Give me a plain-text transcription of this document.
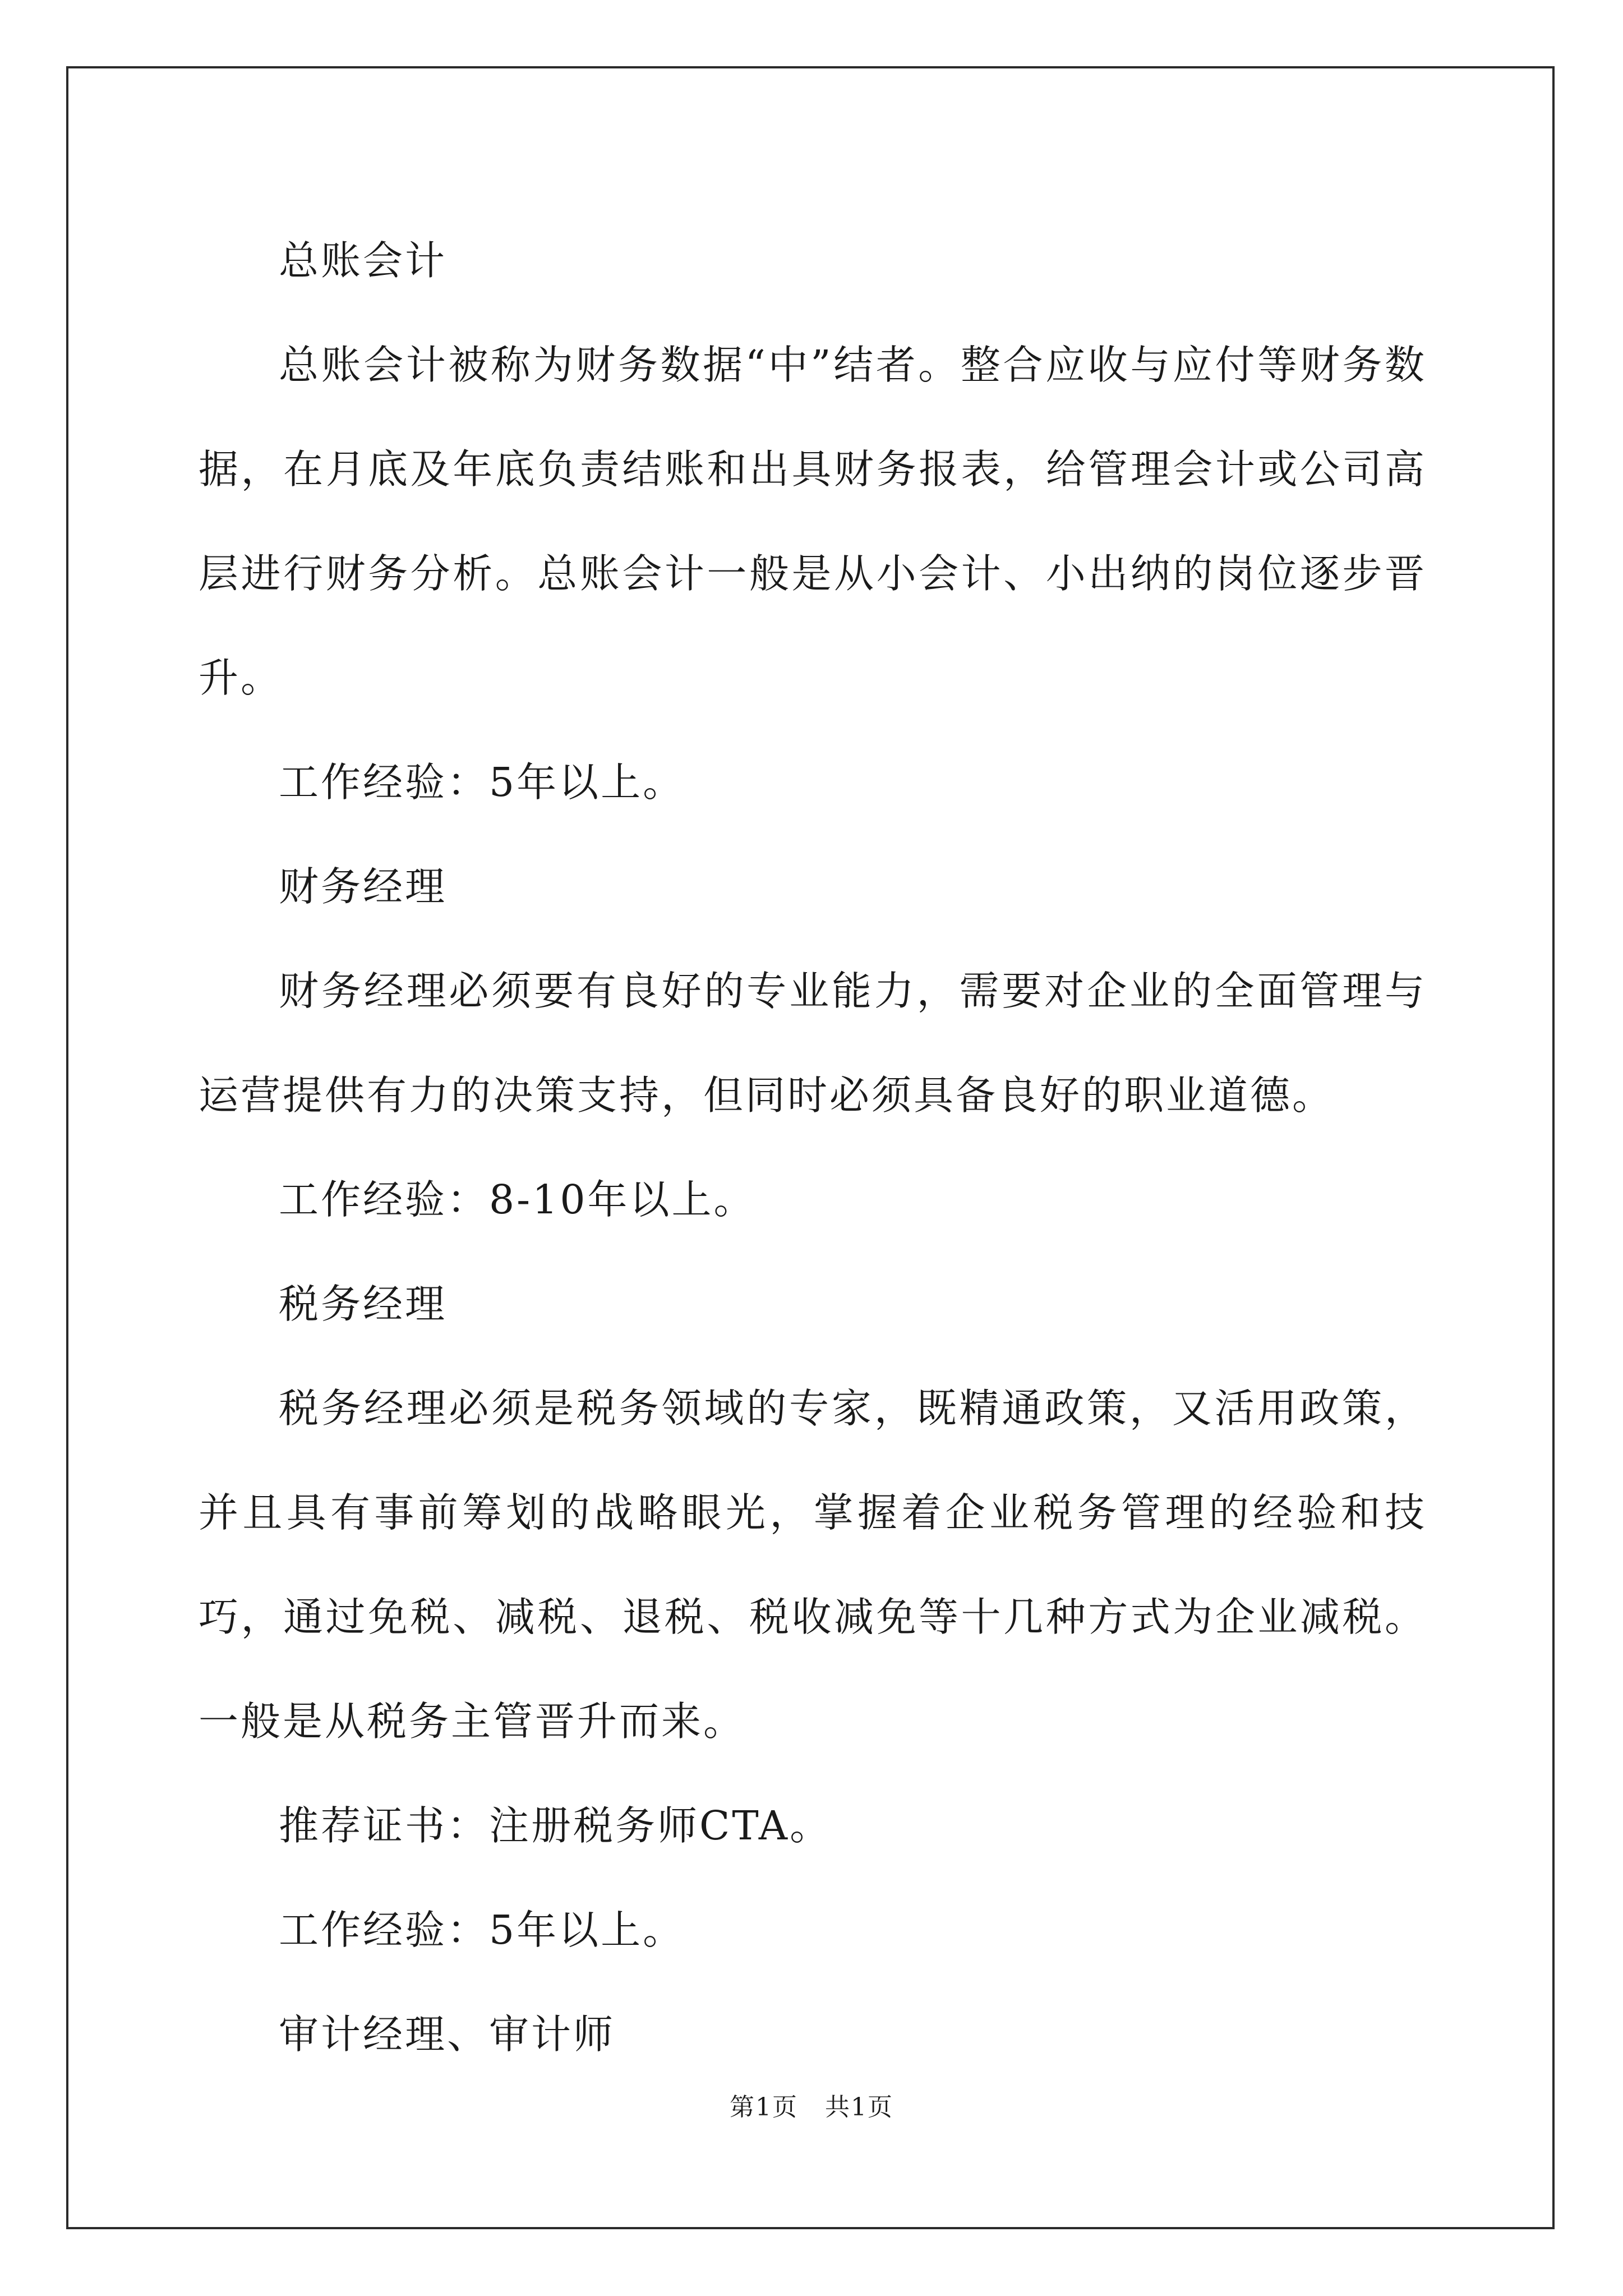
总账会计

总账会计被称为财务数据“中”结者。整合应收与应付等财务数据，在月底及年底负责结账和出具财务报表，给管理会计或公司高层进行财务分析。总账会计一般是从小会计、小出纳的岗位逐步晋升。

工作经验：5年以上。

财务经理

财务经理必须要有良好的专业能力，需要对企业的全面管理与运营提供有力的决策支持，但同时必须具备良好的职业道德。

工作经验：8-10年以上。

税务经理

税务经理必须是税务领域的专家，既精通政策，又活用政策，并且具有事前筹划的战略眼光，掌握着企业税务管理的经验和技巧，通过免税、减税、退税、税收减免等十几种方式为企业减税。一般是从税务主管晋升而来。

推荐证书：注册税务师CTA。

工作经验：5年以上。

审计经理、审计师

第1页 共1页
